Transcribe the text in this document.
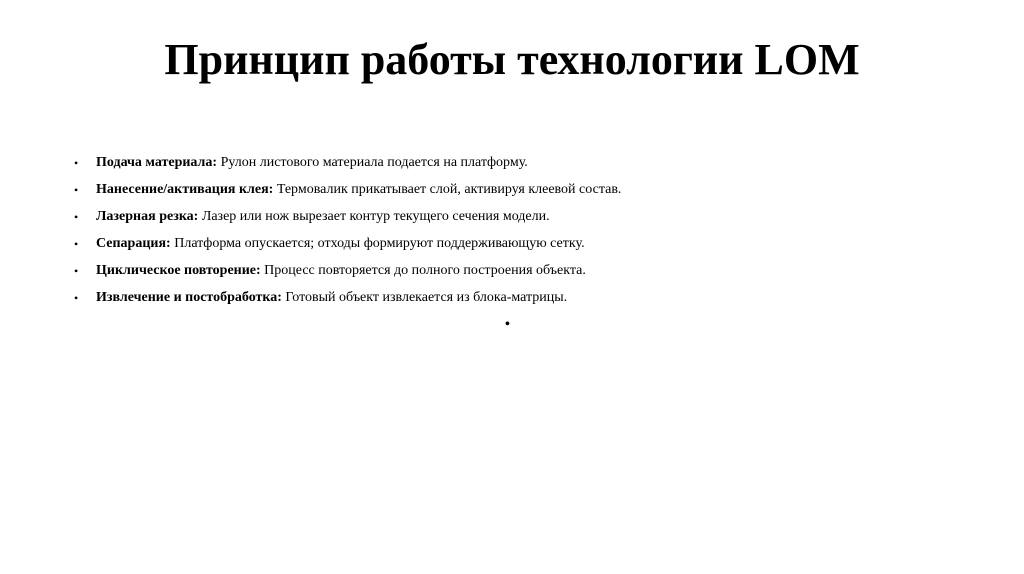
Принцип работы технологии LOM
• Подача материала: Рулон листового материала подается на платформу.
• Нанесение/активация клея: Термовалик прикатывает слой, активируя клеевой состав.
• Лазерная резка: Лазер или нож вырезает контур текущего сечения модели.
• Сепарация: Платформа опускается; отходы формируют поддерживающую сетку.
• Циклическое повторение: Процесс повторяется до полного построения объекта.
• Извлечение и постобработка: Готовый объект извлекается из блока-матрицы.
•
